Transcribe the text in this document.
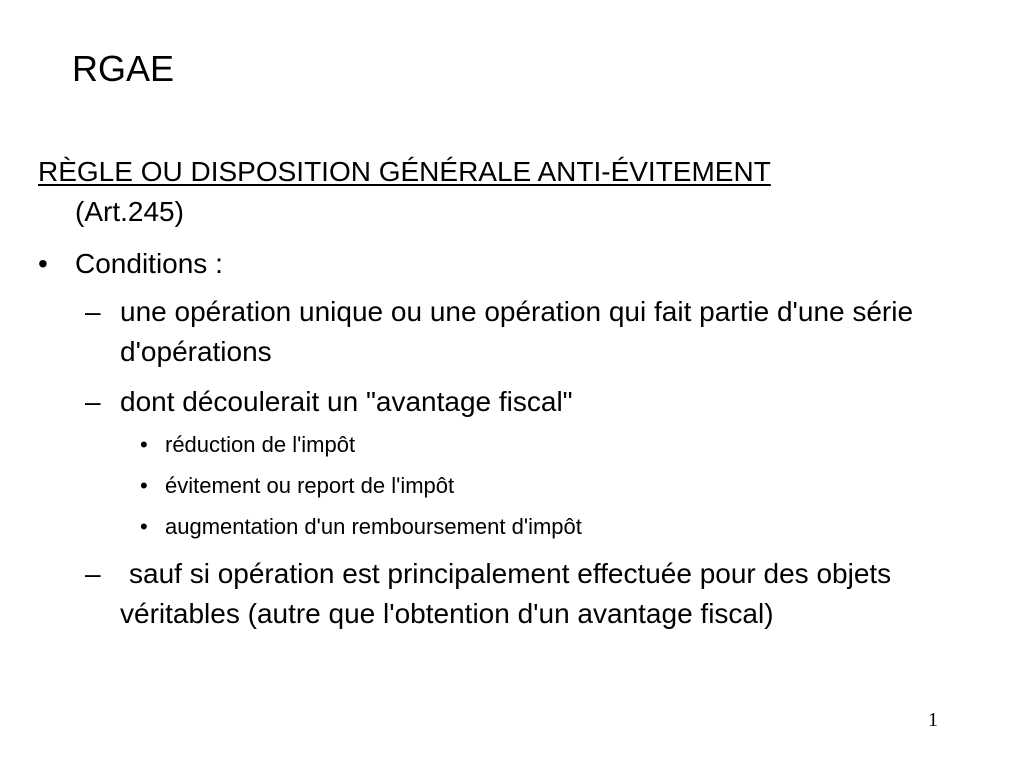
RGAE
RÈGLE OU DISPOSITION GÉNÉRALE ANTI-ÉVITEMENT
(Art.245)
• Conditions :
– une opération unique ou une opération qui fait partie d'une série d'opérations
– dont découlerait un "avantage fiscal"
• réduction de l'impôt
• évitement ou report de l'impôt
• augmentation d'un remboursement d'impôt
–	sauf si opération est principalement effectuée pour des objets véritables (autre que l'obtention d'un avantage fiscal)
1
